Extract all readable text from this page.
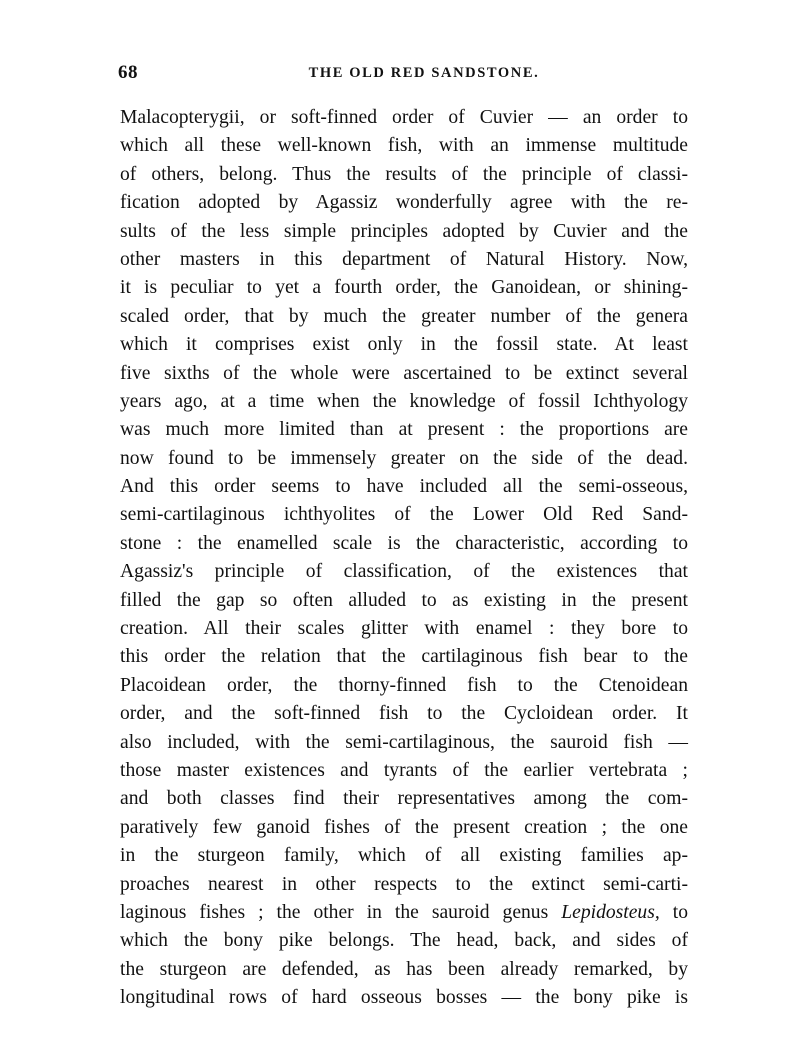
68	THE OLD RED SANDSTONE.
Malacopterygii, or soft-finned order of Cuvier — an order to
which all these well-known fish, with an immense multitude
of others, belong. Thus the results of the principle of classi-
fication adopted by Agassiz wonderfully agree with the re-
sults of the less simple principles adopted by Cuvier and the
other masters in this department of Natural History. Now,
it is peculiar to yet a fourth order, the Ganoidean, or shining-
scaled order, that by much the greater number of the genera
which it comprises exist only in the fossil state. At least
five sixths of the whole were ascertained to be extinct several
years ago, at a time when the knowledge of fossil Ichthyology
was much more limited than at present : the proportions are
now found to be immensely greater on the side of the dead.
And this order seems to have included all the semi-osseous,
semi-cartilaginous ichthyolites of the Lower Old Red Sand-
stone : the enamelled scale is the characteristic, according to
Agassiz's principle of classification, of the existences that
filled the gap so often alluded to as existing in the present
creation. All their scales glitter with enamel : they bore to
this order the relation that the cartilaginous fish bear to the
Placoidean order, the thorny-finned fish to the Ctenoidean
order, and the soft-finned fish to the Cycloidean order. It
also included, with the semi-cartilaginous, the sauroid fish —
those master existences and tyrants of the earlier vertebrata ;
and both classes find their representatives among the com-
paratively few ganoid fishes of the present creation ; the one
in the sturgeon family, which of all existing families ap-
proaches nearest in other respects to the extinct semi-carti-
laginous fishes ; the other in the sauroid genus Lepidosteus, to
which the bony pike belongs. The head, back, and sides of
the sturgeon are defended, as has been already remarked, by
longitudinal rows of hard osseous bosses — the bony pike is
